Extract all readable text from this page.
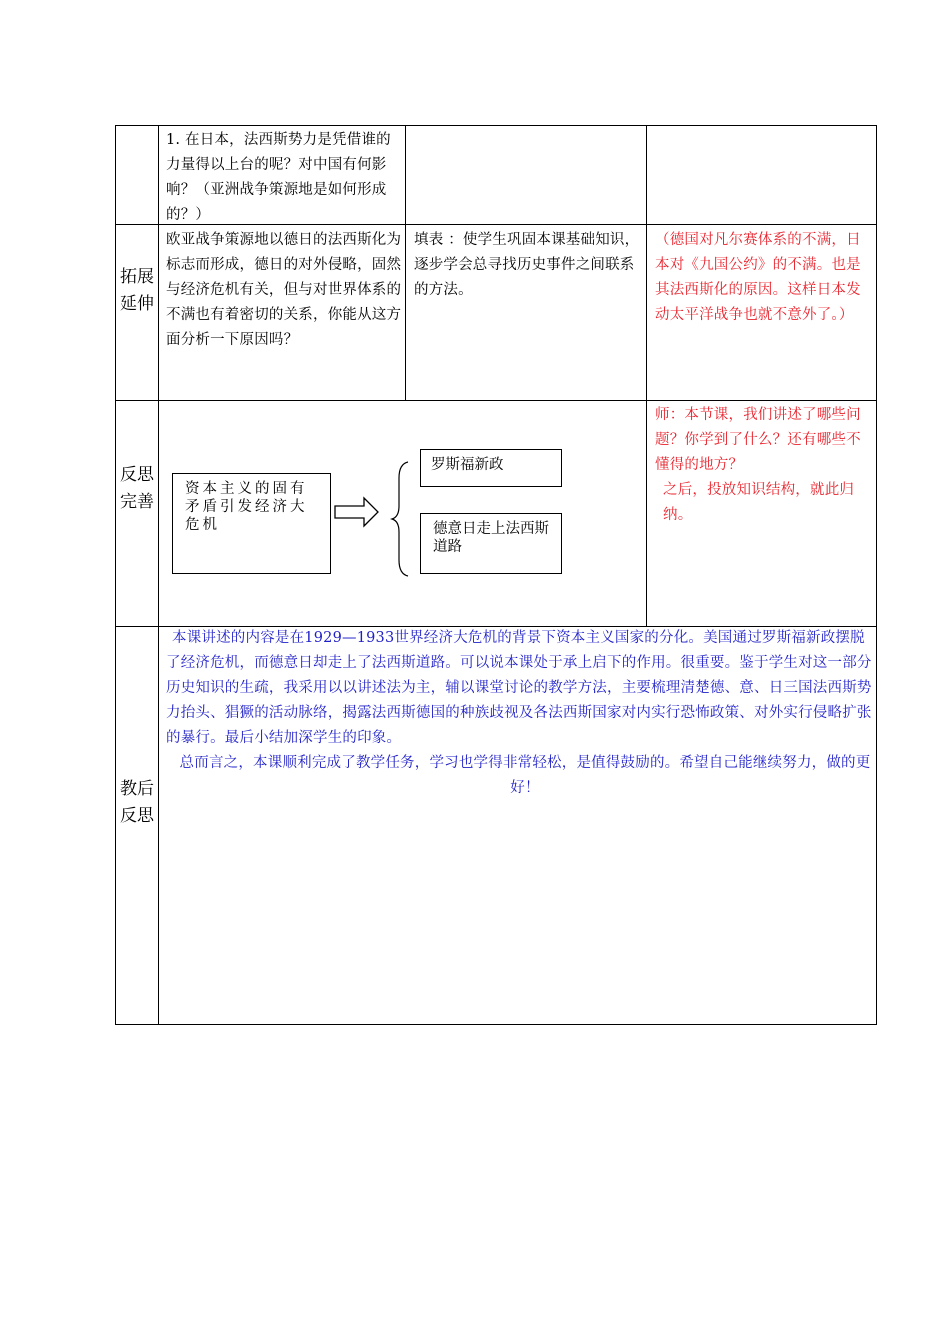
1. 在日本，法西斯势力是凭借谁的力量得以上台的呢？对中国有何影响？（亚洲战争策源地是如何形成的？）
拓展延伸
欧亚战争策源地以德日的法西斯化为标志而形成，德日的对外侵略，固然与经济危机有关，但与对世界体系的不满也有着密切的关系，你能从这方面分析一下原因吗？
填表 ：使学生巩固本课基础知识，逐步学会总寻找历史事件之间联系的方法。
（德国对凡尔赛体系的不满，日本对《九国公约》的不满。也是其法西斯化的原因。这样日本发动太平洋战争也就不意外了。）
反思完善
资本主义的固有矛盾引发经济大危机
罗斯福新政
德意日走上法西斯道路
师：本节课，我们讲述了哪些问题？你学到了什么？还有哪些不懂得的地方？
之后，投放知识结构，就此归纳。
教后反思
本课讲述的内容是在1929—1933世界经济大危机的背景下资本主义国家的分化。美国通过罗斯福新政摆脱了经济危机，而德意日却走上了法西斯道路。可以说本课处于承上启下的作用。很重要。鉴于学生对这一部分历史知识的生疏，我采用以以讲述法为主，辅以课堂讨论的教学方法，主要梳理清楚德、意、日三国法西斯势力抬头、猖獗的活动脉络，揭露法西斯德国的种族歧视及各法西斯国家对内实行恐怖政策、对外实行侵略扩张的暴行。最后小结加深学生的印象。
总而言之，本课顺利完成了教学任务，学习也学得非常轻松，是值得鼓励的。希望自己能继续努力，做的更好！
